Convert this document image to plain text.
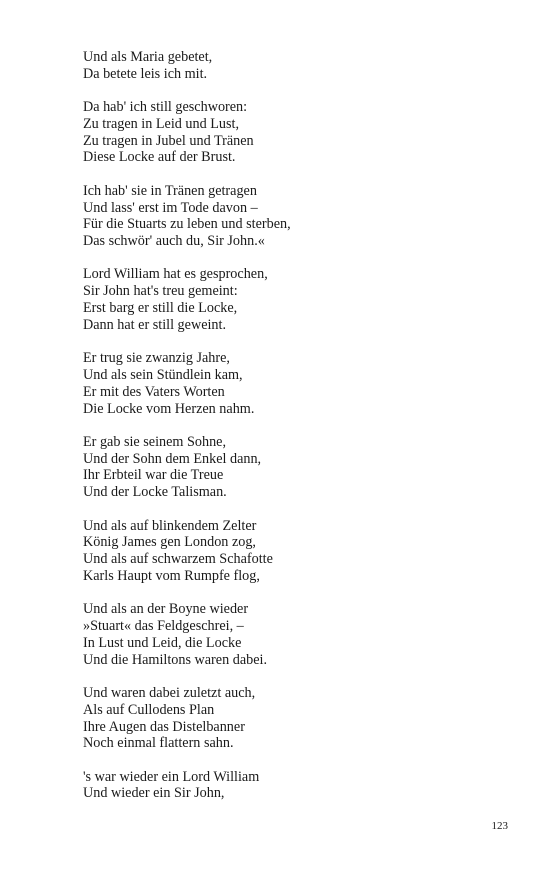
Und als Maria gebetet,
Da betete leis ich mit.
Da hab' ich still geschworen:
Zu tragen in Leid und Lust,
Zu tragen in Jubel und Tränen
Diese Locke auf der Brust.
Ich hab' sie in Tränen getragen
Und lass' erst im Tode davon –
Für die Stuarts zu leben und sterben,
Das schwör' auch du, Sir John.«
Lord William hat es gesprochen,
Sir John hat's treu gemeint:
Erst barg er still die Locke,
Dann hat er still geweint.
Er trug sie zwanzig Jahre,
Und als sein Stündlein kam,
Er mit des Vaters Worten
Die Locke vom Herzen nahm.
Er gab sie seinem Sohne,
Und der Sohn dem Enkel dann,
Ihr Erbteil war die Treue
Und der Locke Talisman.
Und als auf blinkendem Zelter
König James gen London zog,
Und als auf schwarzem Schafotte
Karls Haupt vom Rumpfe flog,
Und als an der Boyne wieder
»Stuart« das Feldgeschrei, –
In Lust und Leid, die Locke
Und die Hamiltons waren dabei.
Und waren dabei zuletzt auch,
Als auf Cullodens Plan
Ihre Augen das Distelbanner
Noch einmal flattern sahn.
's war wieder ein Lord William
Und wieder ein Sir John,
123
